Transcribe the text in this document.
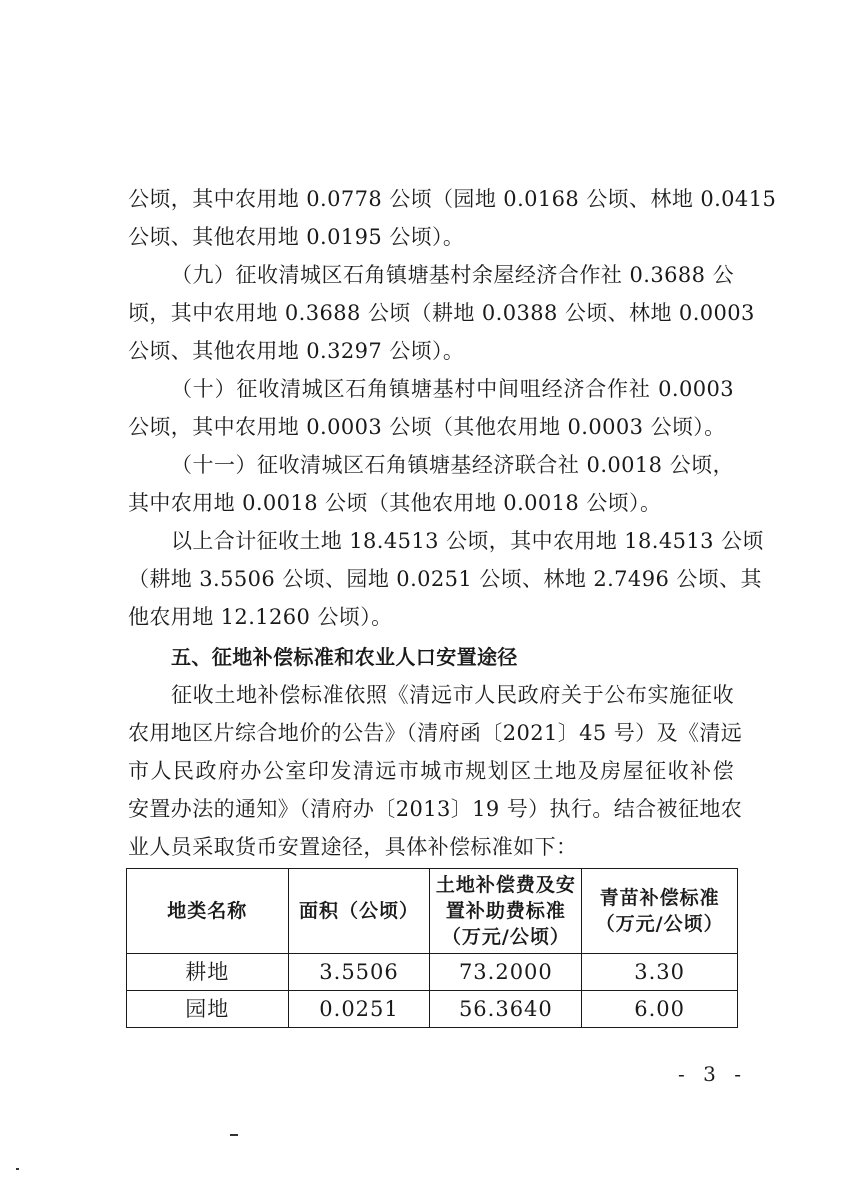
公顷，其中农用地 0.0778 公顷（园地 0.0168 公顷、林地 0.0415
公顷、其他农用地 0.0195 公顷）。
（九）征收清城区石角镇塘基村余屋经济合作社 0.3688 公
顷，其中农用地 0.3688 公顷（耕地 0.0388 公顷、林地 0.0003
公顷、其他农用地 0.3297 公顷）。
（十）征收清城区石角镇塘基村中间咀经济合作社 0.0003
公顷，其中农用地 0.0003 公顷（其他农用地 0.0003 公顷）。
（十一）征收清城区石角镇塘基经济联合社 0.0018 公顷，
其中农用地 0.0018 公顷（其他农用地 0.0018 公顷）。
以上合计征收土地 18.4513 公顷，其中农用地 18.4513 公顷
（耕地 3.5506 公顷、园地 0.0251 公顷、林地 2.7496 公顷、其
他农用地 12.1260 公顷）。
五、征地补偿标准和农业人口安置途径
征收土地补偿标准依照《清远市人民政府关于公布实施征收
农用地区片综合地价的公告》（清府函〔2021〕45 号）及《清远
市人民政府办公室印发清远市城市规划区土地及房屋征收补偿
安置办法的通知》（清府办〔2013〕19 号）执行。结合被征地农
业人员采取货币安置途径，具体补偿标准如下：
地类名称	面积（公顷）	土地补偿费及安置补助费标准（万元/公顷）	青苗补偿标准（万元/公顷）
耕地	3.5506	73.2000	3.30
园地	0.0251	56.3640	6.00
- 3 -
